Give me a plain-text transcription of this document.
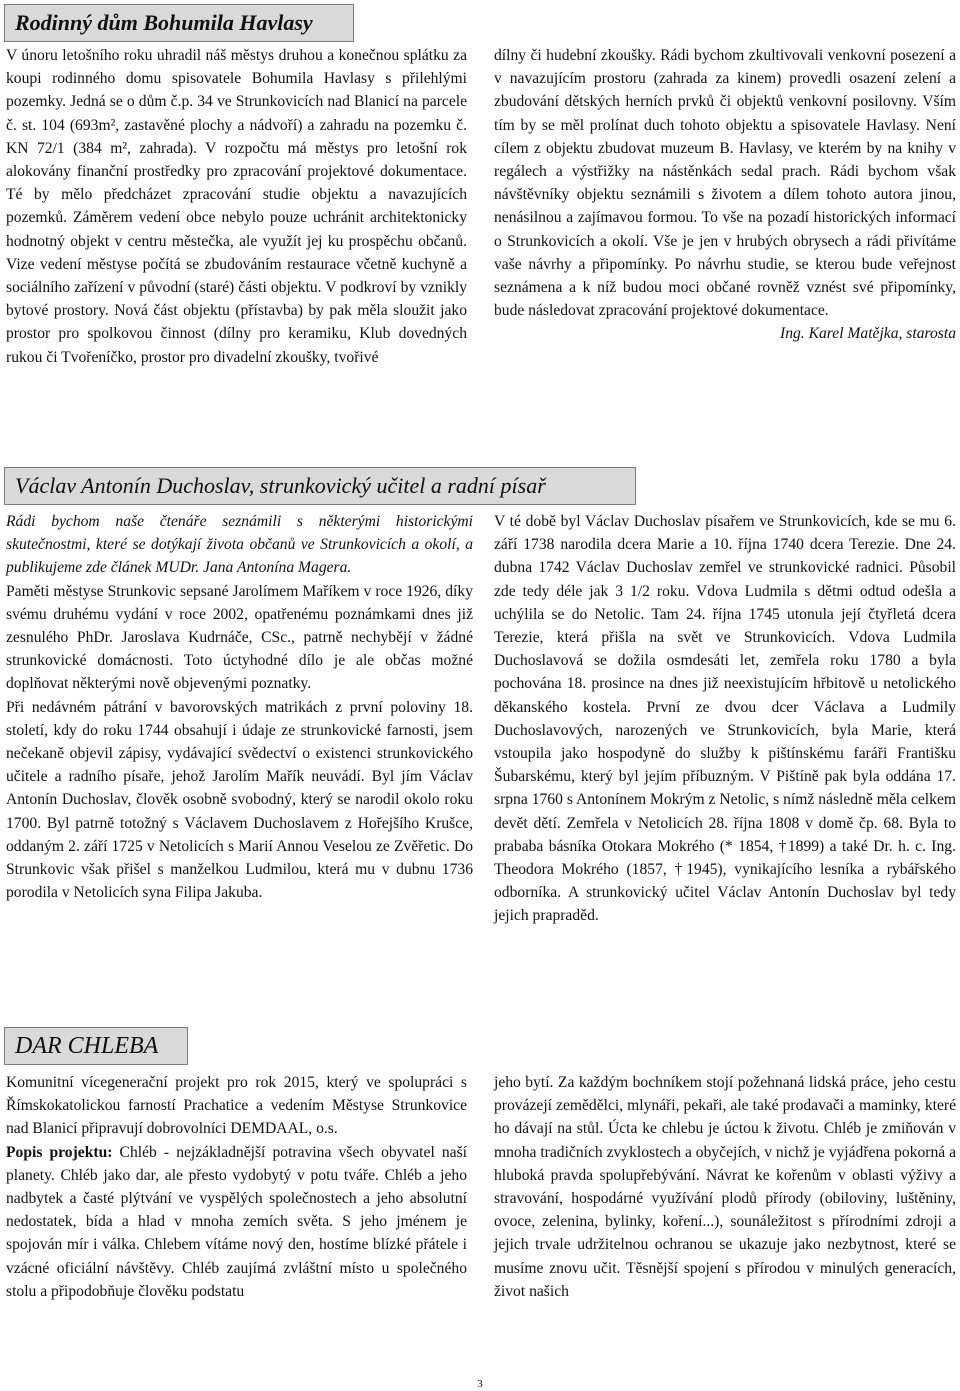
Rodinný dům Bohumila Havlasy

V únoru letošního roku uhradil náš městys druhou a konečnou splátku za koupi rodinného domu spisovatele Bohumila Havlasy s přilehlými pozemky. Jedná se o dům č.p. 34 ve Strunkovicích nad Blanicí na parcele č. st. 104 (693m², zastavěné plochy a nádvoří) a zahradu na pozemku č. KN 72/1 (384 m², zahrada). V rozpočtu má městys pro letošní rok alokovány finanční prostředky pro zpracování projektové dokumentace. Té by mělo předcházet zpracování studie objektu a navazujících pozemků. Záměrem vedení obce nebylo pouze uchránit architektonicky hodnotný objekt v centru městečka, ale využít jej ku prospěchu občanů. Vize vedení městyse počítá se zbudováním restaurace včetně kuchyně a sociálního zařízení v původní (staré) části objektu. V podkroví by vznikly bytové prostory. Nová část objektu (přístavba) by pak měla sloužit jako prostor pro spolkovou činnost (dílny pro keramiku, Klub dovedných rukou či Tvořeníčko, prostor pro divadelní zkoušky, tvořivé

dílny či hudební zkoušky. Rádi bychom zkultivovali venkovní posezení a v navazujícím prostoru (zahrada za kinem) provedli osazení zelení a zbudování dětských herních prvků či objektů venkovní posilovny. Vším tím by se měl prolínat duch tohoto objektu a spisovatele Havlasy. Není cílem z objektu zbudovat muzeum B. Havlasy, ve kterém by na knihy v regálech a výstřižky na nástěnkách sedal prach. Rádi bychom však návštěvníky objektu seznámili s životem a dílem tohoto autora jinou, nenásilnou a zajímavou formou. To vše na pozadí historických informací o Strunkovicích a okolí. Vše je jen v hrubých obrysech a rádi přivítáme vaše návrhy a připomínky. Po návrhu studie, se kterou bude veřejnost seznámena a k níž budou moci občané rovněž vznést své připomínky, bude následovat zpracování projektové dokumentace.

Ing. Karel Matějka, starosta

Václav Antonín Duchoslav, strunkovický učitel a radní písař

Rádi bychom naše čtenáře seznámili s některými historickými skutečnostmi, které se dotýkají života občanů ve Strunkovicích a okolí, a publikujeme zde článek MUDr. Jana Antonína Magera.

Paměti městyse Strunkovic sepsané Jarolímem Maříkem v roce 1926, díky svému druhému vydání v roce 2002, opatřenému poznámkami dnes již zesnulého PhDr. Jaroslava Kudrnáče, CSc., patrně nechybějí v žádné strunkovické domácnosti. Toto úctyhodné dílo je ale občas možné doplňovat některými nově objevenými poznatky.

Při nedávném pátrání v bavorovských matrikách z první poloviny 18. století, kdy do roku 1744 obsahují i údaje ze strunkovické farnosti, jsem nečekaně objevil zápisy, vydávající svědectví o existenci strunkovického učitele a radního písaře, jehož Jarolím Mařík neuvádí. Byl jím Václav Antonín Duchoslav, člověk osobně svobodný, který se narodil okolo roku 1700. Byl patrně totožný s Václavem Duchoslavem z Hořejšího Krušce, oddaným 2. září 1725 v Netolicích s Marií Annou Veselou ze Zvěřetic. Do Strunkovic však přišel s manželkou Ludmilou, která mu v dubnu 1736 porodila v Netolicích syna Filipa Jakuba.

V té době byl Václav Duchoslav písařem ve Strunkovicích, kde se mu 6. září 1738 narodila dcera Marie a 10. října 1740 dcera Terezie. Dne 24. dubna 1742 Václav Duchoslav zemřel ve strunkovické radnici. Působil zde tedy déle jak 3 1/2 roku. Vdova Ludmila s dětmi odtud odešla a uchýlila se do Netolic. Tam 24. října 1745 utonula její čtyřletá dcera Terezie, která přišla na svět ve Strunkovicích. Vdova Ludmila Duchoslavová se dožila osmdesáti let, zemřela roku 1780 a byla pochována 18. prosince na dnes již neexistujícím hřbitově u netolického děkanského kostela. První ze dvou dcer Václava a Ludmily Duchoslavových, narozených ve Strunkovicích, byla Marie, která vstoupila jako hospodyně do služby k pištínskému faráři Františku Šubarskému, který byl jejím příbuzným. V Pištíně pak byla oddána 17. srpna 1760 s Antonínem Mokrým z Netolic, s nímž následně měla celkem devět dětí. Zemřela v Netolicích 28. října 1808 v domě čp. 68. Byla to prababa básníka Otokara Mokrého (* 1854, †1899) a také Dr. h. c. Ing. Theodora Mokrého (1857, †1945), vynikajícího lesníka a rybářského odborníka. A strunkovický učitel Václav Antonín Duchoslav byl tedy jejich prapraděd.

DAR CHLEBA

Komunitní vícegenerační projekt pro rok 2015, který ve spolupráci s Římskokatolickou farností Prachatice a vedením Městyse Strunkovice nad Blanicí připravují dobrovolníci DEMDAAL, o.s.

Popis projektu: Chléb - nejzákladnější potravina všech obyvatel naší planety. Chléb jako dar, ale přesto vydobytý v potu tváře. Chléb a jeho nadbytek a časté plýtvání ve vyspělých společnostech a jeho absolutní nedostatek, bída a hlad v mnoha zemích světa. S jeho jménem je spojován mír i válka. Chlebem vítáme nový den, hostíme blízké přátele i vzácné oficiální návštěvy. Chléb zaujímá zvláštní místo u společného stolu a připodobňuje člověku podstatu

jeho bytí. Za každým bochníkem stojí požehnaná lidská práce, jeho cestu provázejí zemědělci, mlynáři, pekaři, ale také prodavači a maminky, které ho dávají na stůl. Úcta ke chlebu je úctou k životu. Chléb je zmiňován v mnoha tradičních zvyklostech a obyčejích, v nichž je vyjádřena pokorná a hluboká pravda spolupřebývání. Návrat ke kořenům v oblasti výživy a stravování, hospodárné využívání plodů přírody (obiloviny, luštěniny, ovoce, zelenina, bylinky, koření...), sounáležitost s přírodními zdroji a jejich trvale udržitelnou ochranou se ukazuje jako nezbytnost, které se musíme znovu učit. Těsnější spojení s přírodou v minulých generacích, život našich

3
